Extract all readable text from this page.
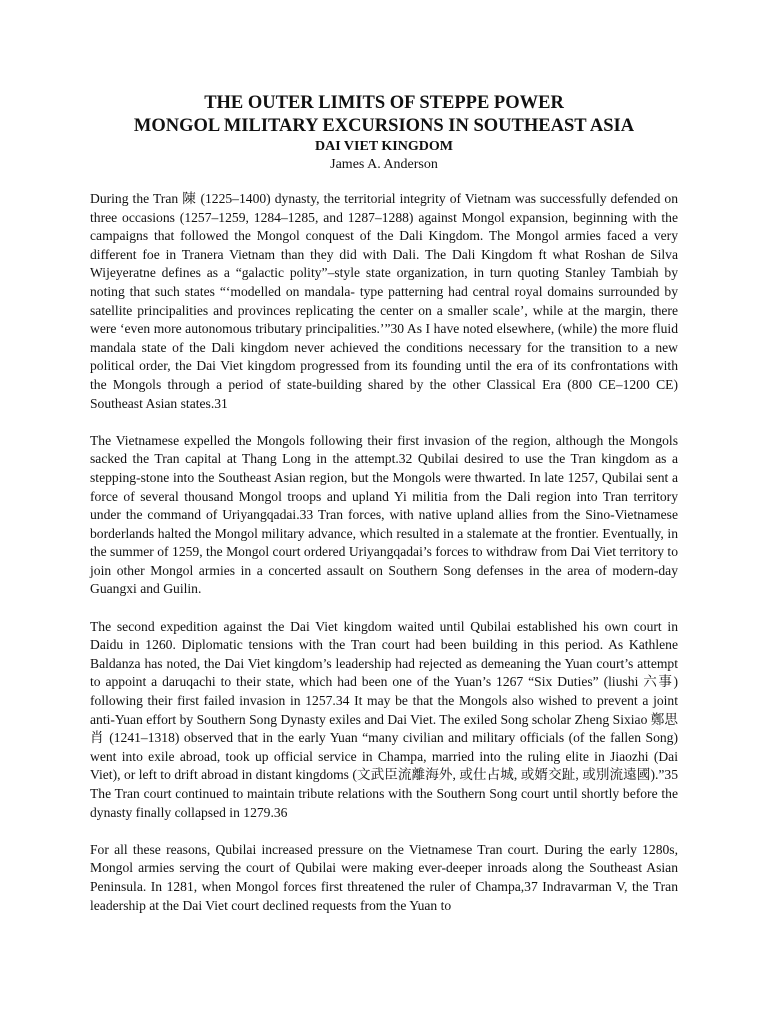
THE OUTER LIMITS OF STEPPE POWER
MONGOL MILITARY EXCURSIONS IN SOUTHEAST ASIA
DAI VIET KINGDOM
James A. Anderson

During the Tran 陳 (1225–1400) dynasty, the territorial integrity of Vietnam was successfully defended on three occasions (1257–1259, 1284–1285, and 1287–1288) against Mongol expansion, beginning with the campaigns that followed the Mongol conquest of the Dali Kingdom. The Mongol armies faced a very different foe in Tranera Vietnam than they did with Dali. The Dali Kingdom ft what Roshan de Silva Wijeyeratne defines as a “galactic polity”–style state organization, in turn quoting Stanley Tambiah by noting that such states “‘modelled on mandala- type patterning had central royal domains surrounded by satellite principalities and provinces replicating the center on a smaller scale’, while at the margin, there were ‘even more autonomous tributary principalities.’”30 As I have noted elsewhere, (while) the more fluid mandala state of the Dali kingdom never achieved the conditions necessary for the transition to a new political order, the Dai Viet kingdom progressed from its founding until the era of its confrontations with the Mongols through a period of state-building shared by the other Classical Era (800 CE–1200 CE) Southeast Asian states.31

The Vietnamese expelled the Mongols following their first invasion of the region, although the Mongols sacked the Tran capital at Thang Long in the attempt.32 Qubilai desired to use the Tran kingdom as a stepping-stone into the Southeast Asian region, but the Mongols were thwarted. In late 1257, Qubilai sent a force of several thousand Mongol troops and upland Yi militia from the Dali region into Tran territory under the command of Uriyangqadai.33 Tran forces, with native upland allies from the Sino-Vietnamese borderlands halted the Mongol military advance, which resulted in a stalemate at the frontier. Eventually, in the summer of 1259, the Mongol court ordered Uriyangqadai’s forces to withdraw from Dai Viet territory to join other Mongol armies in a concerted assault on Southern Song defenses in the area of modern-day Guangxi and Guilin.

The second expedition against the Dai Viet kingdom waited until Qubilai established his own court in Daidu in 1260. Diplomatic tensions with the Tran court had been building in this period. As Kathlene Baldanza has noted, the Dai Viet kingdom’s leadership had rejected as demeaning the Yuan court’s attempt to appoint a daruqachi to their state, which had been one of the Yuan’s 1267 “Six Duties” (liushi 六事) following their first failed invasion in 1257.34 It may be that the Mongols also wished to prevent a joint anti-Yuan effort by Southern Song Dynasty exiles and Dai Viet. The exiled Song scholar Zheng Sixiao 鄭思肖 (1241–1318) observed that in the early Yuan “many civilian and military officials (of the fallen Song) went into exile abroad, took up official service in Champa, married into the ruling elite in Jiaozhi (Dai Viet), or left to drift abroad in distant kingdoms (文武臣流離海外, 或仕占城, 或婿交趾, 或別流遠國).”35 The Tran court continued to maintain tribute relations with the Southern Song court until shortly before the dynasty finally collapsed in 1279.36

For all these reasons, Qubilai increased pressure on the Vietnamese Tran court. During the early 1280s, Mongol armies serving the court of Qubilai were making ever-deeper inroads along the Southeast Asian Peninsula. In 1281, when Mongol forces first threatened the ruler of Champa,37 Indravarman V, the Tran leadership at the Dai Viet court declined requests from the Yuan to
